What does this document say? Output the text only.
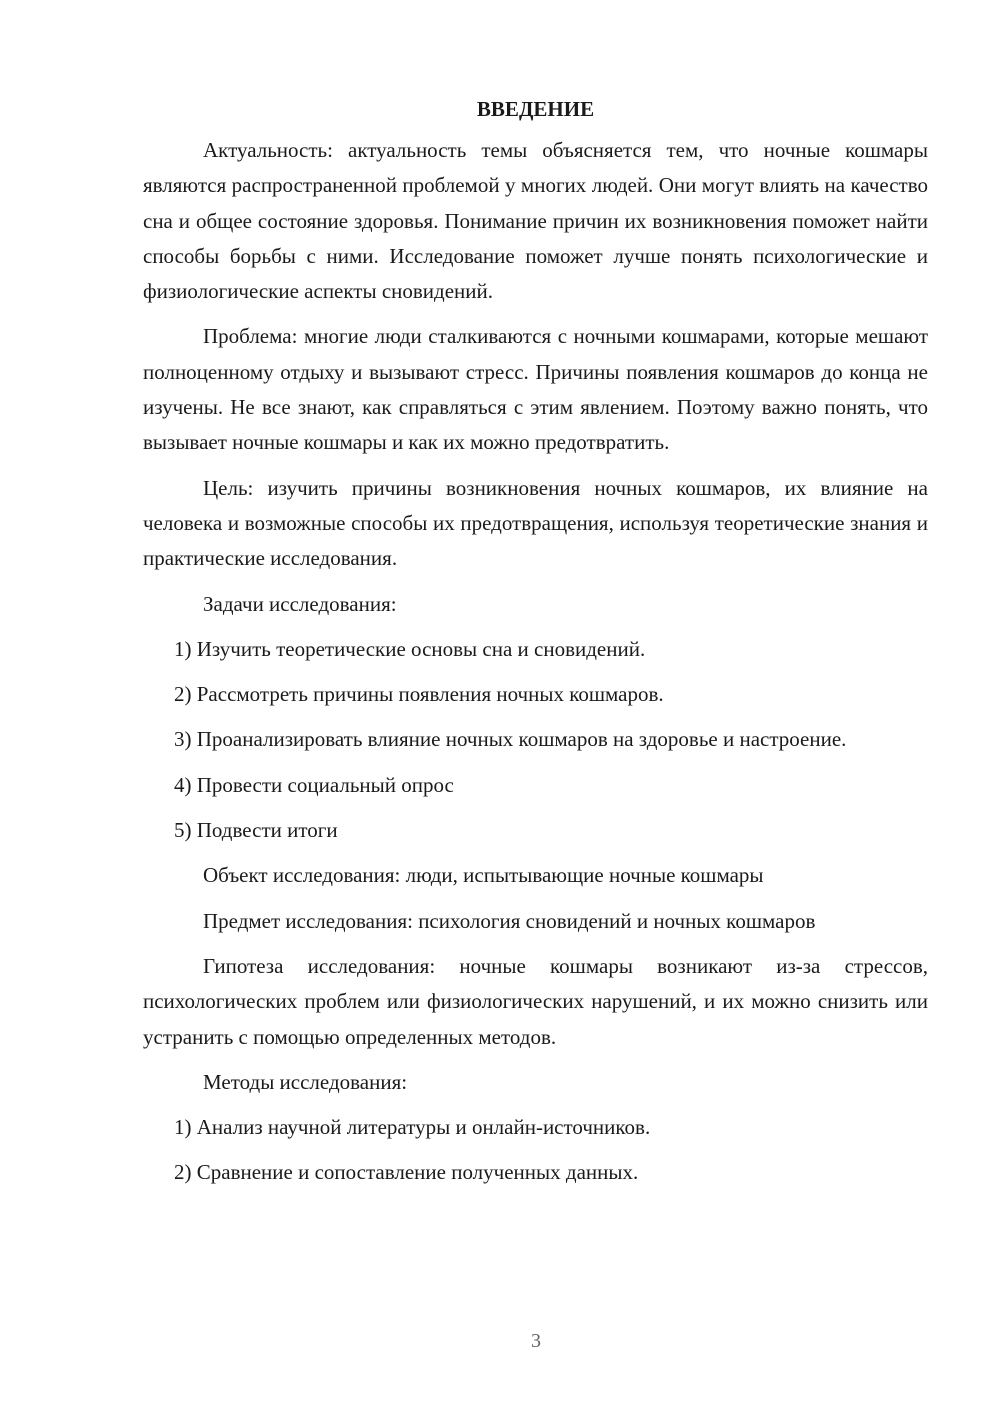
ВВЕДЕНИЕ

Актуальность: актуальность темы объясняется тем, что ночные кошмары являются распространенной проблемой у многих людей. Они могут влиять на качество сна и общее состояние здоровья. Понимание причин их возникновения поможет найти способы борьбы с ними. Исследование поможет лучше понять психологические и физиологические аспекты сновидений.

Проблема: многие люди сталкиваются с ночными кошмарами, которые мешают полноценному отдыху и вызывают стресс. Причины появления кошмаров до конца не изучены. Не все знают, как справляться с этим явлением. Поэтому важно понять, что вызывает ночные кошмары и как их можно предотвратить.

Цель: изучить причины возникновения ночных кошмаров, их влияние на человека и возможные способы их предотвращения, используя теоретические знания и практические исследования.

Задачи исследования:

1) Изучить теоретические основы сна и сновидений.

2) Рассмотреть причины появления ночных кошмаров.

3) Проанализировать влияние ночных кошмаров на здоровье и настроение.

4) Провести социальный опрос

5) Подвести итоги

Объект исследования: люди, испытывающие ночные кошмары

Предмет исследования: психология сновидений и ночных кошмаров

Гипотеза исследования: ночные кошмары возникают из-за стрессов, психологических проблем или физиологических нарушений, и их можно снизить или устранить с помощью определенных методов.

Методы исследования:

1) Анализ научной литературы и онлайн-источников.

2) Сравнение и сопоставление полученных данных.

3
